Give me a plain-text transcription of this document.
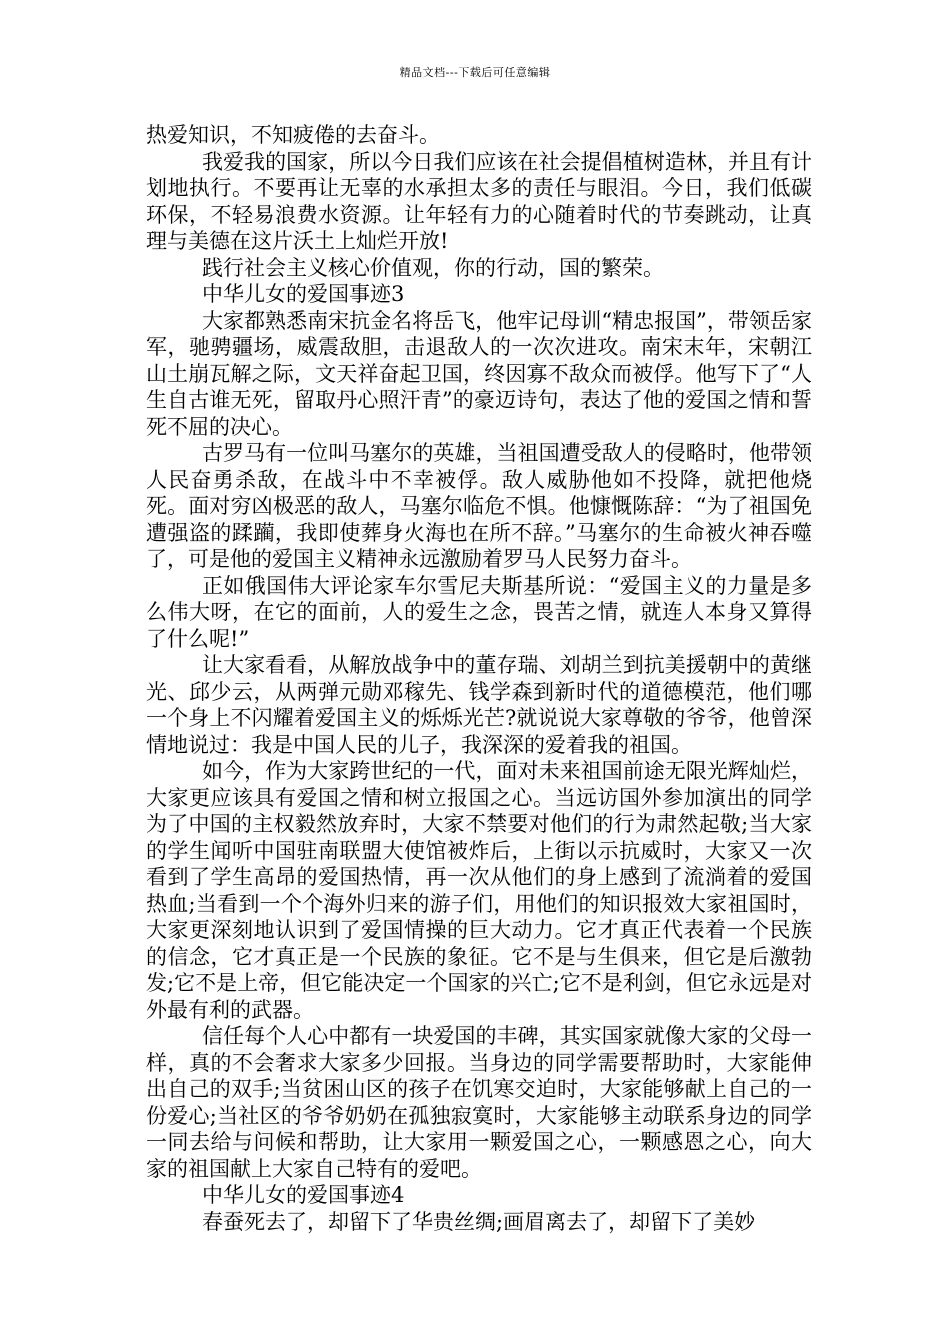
精品文档---下载后可任意编辑

热爱知识，不知疲倦的去奋斗。

我爱我的国家，所以今日我们应该在社会提倡植树造林，并且有计划地执行。不要再让无辜的水承担太多的责任与眼泪。今日，我们低碳环保，不轻易浪费水资源。让年轻有力的心随着时代的节奏跳动，让真理与美德在这片沃土上灿烂开放!

践行社会主义核心价值观，你的行动，国的繁荣。

中华儿女的爱国事迹3

大家都熟悉南宋抗金名将岳飞，他牢记母训“精忠报国”，带领岳家军，驰骋疆场，威震敌胆，击退敌人的一次次进攻。南宋末年，宋朝江山土崩瓦解之际，文天祥奋起卫国，终因寡不敌众而被俘。他写下了“人生自古谁无死，留取丹心照汗青”的豪迈诗句，表达了他的爱国之情和誓死不屈的决心。

古罗马有一位叫马塞尔的英雄，当祖国遭受敌人的侵略时，他带领人民奋勇杀敌，在战斗中不幸被俘。敌人威胁他如不投降，就把他烧死。面对穷凶极恶的敌人，马塞尔临危不惧。他慷慨陈辞：“为了祖国免遭强盗的蹂躏，我即使葬身火海也在所不辞。”马塞尔的生命被火神吞噬了，可是他的爱国主义精神永远激励着罗马人民努力奋斗。

正如俄国伟大评论家车尔雪尼夫斯基所说：“爱国主义的力量是多么伟大呀，在它的面前，人的爱生之念，畏苦之情，就连人本身又算得了什么呢!”

让大家看看，从解放战争中的董存瑞、刘胡兰到抗美援朝中的黄继光、邱少云，从两弹元勋邓稼先、钱学森到新时代的道德模范，他们哪一个身上不闪耀着爱国主义的烁烁光芒?就说说大家尊敬的爷爷，他曾深情地说过：我是中国人民的儿子，我深深的爱着我的祖国。

如今，作为大家跨世纪的一代，面对未来祖国前途无限光辉灿烂，大家更应该具有爱国之情和树立报国之心。当远访国外参加演出的同学为了中国的主权毅然放弃时，大家不禁要对他们的行为肃然起敬;当大家的学生闻听中国驻南联盟大使馆被炸后，上街以示抗威时，大家又一次看到了学生高昂的爱国热情，再一次从他们的身上感到了流淌着的爱国热血;当看到一个个海外归来的游子们，用他们的知识报效大家祖国时，大家更深刻地认识到了爱国情操的巨大动力。它才真正代表着一个民族的信念，它才真正是一个民族的象征。它不是与生俱来，但它是后激勃发;它不是上帝，但它能决定一个国家的兴亡;它不是利剑，但它永远是对外最有利的武器。

信任每个人心中都有一块爱国的丰碑，其实国家就像大家的父母一样，真的不会奢求大家多少回报。当身边的同学需要帮助时，大家能伸出自己的双手;当贫困山区的孩子在饥寒交迫时，大家能够献上自己的一份爱心;当社区的爷爷奶奶在孤独寂寞时，大家能够主动联系身边的同学一同去给与问候和帮助，让大家用一颗爱国之心，一颗感恩之心，向大家的祖国献上大家自己特有的爱吧。

中华儿女的爱国事迹4

春蚕死去了，却留下了华贵丝绸;画眉离去了，却留下了美妙
